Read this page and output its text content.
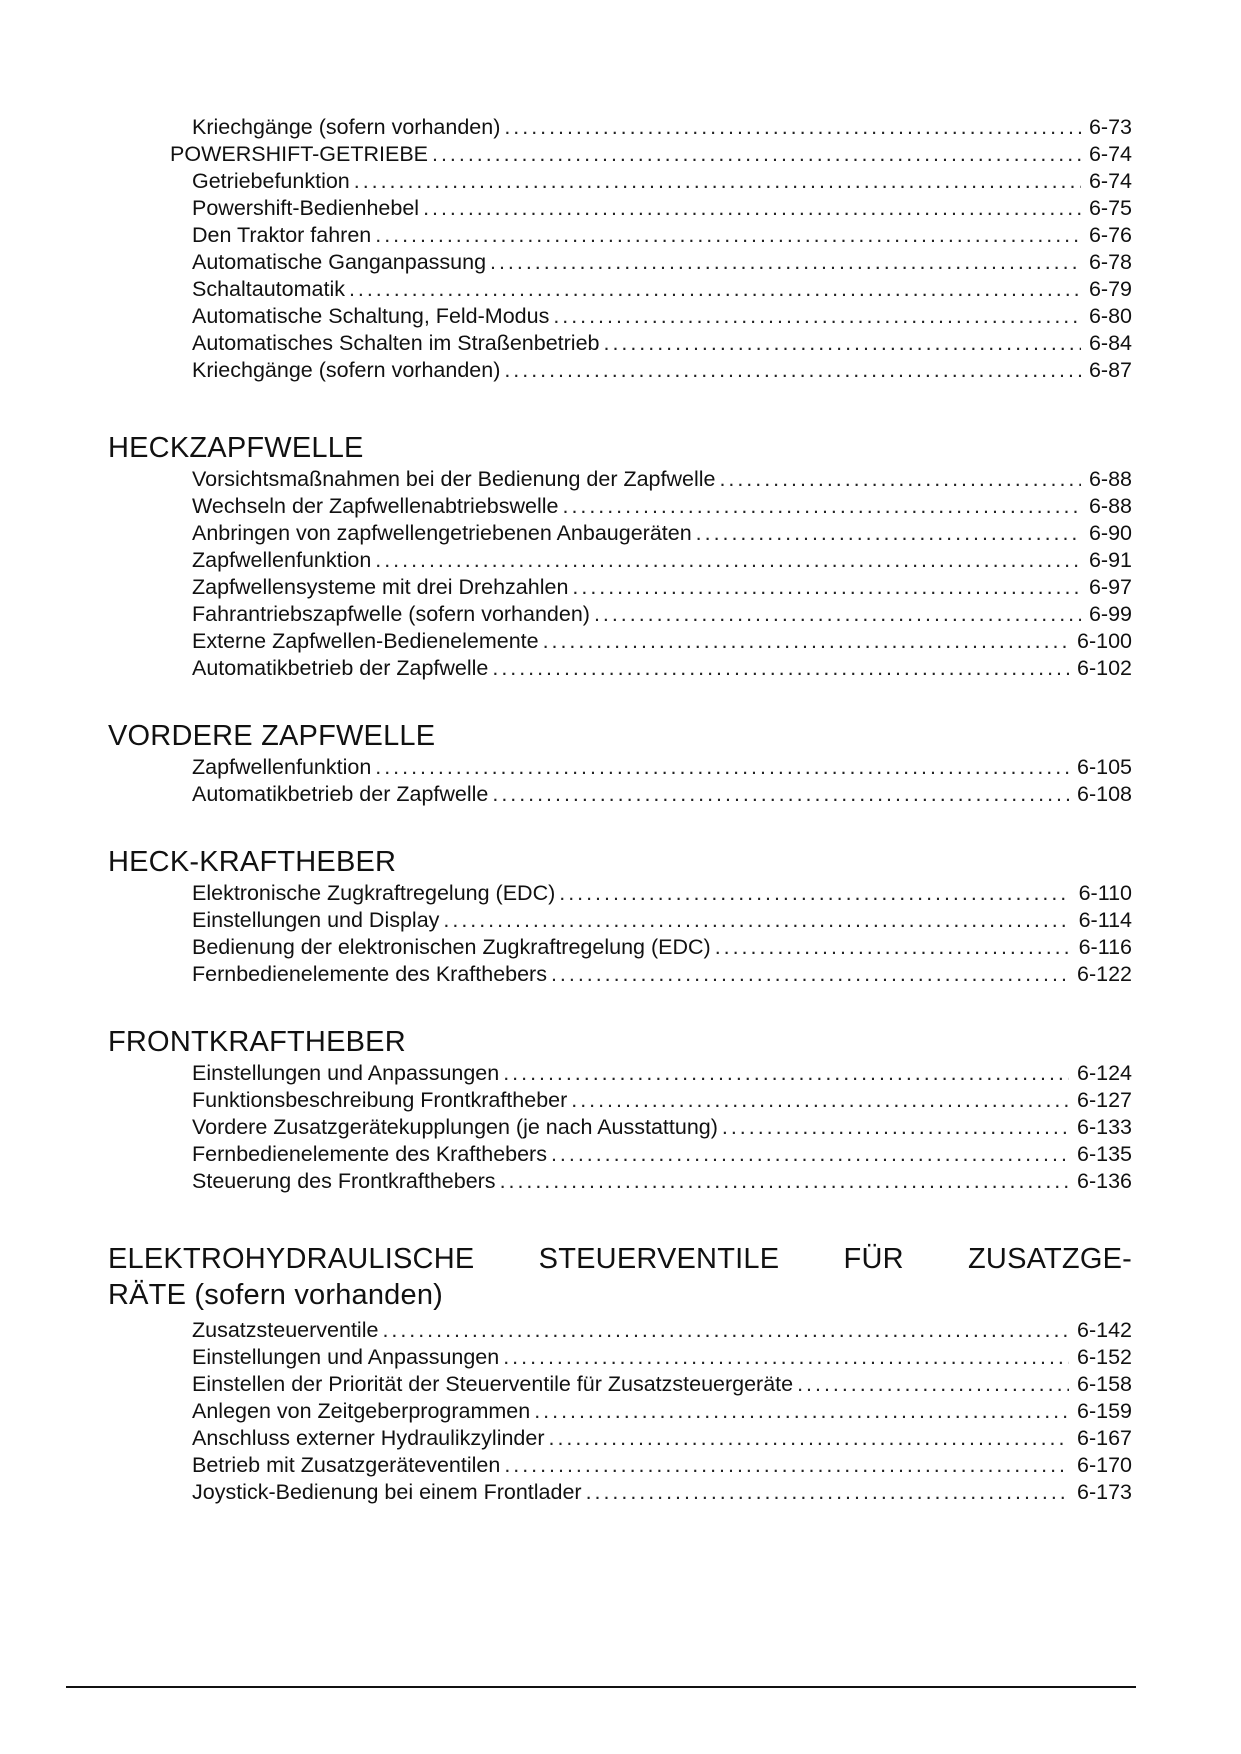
Kriechgänge (sofern vorhanden) . . .	6-73
POWERSHIFT-GETRIEBE . . .	6-74
Getriebefunktion . . .	6-74
Powershift-Bedienhebel . . .	6-75
Den Traktor fahren . . .	6-76
Automatische Ganganpassung . . .	6-78
Schaltautomatik . . .	6-79
Automatische Schaltung, Feld-Modus . . .	6-80
Automatisches Schalten im Straßenbetrieb . . .	6-84
Kriechgänge (sofern vorhanden) . . .	6-87
HECKZAPFWELLE
Vorsichtsmaßnahmen bei der Bedienung der Zapfwelle . . .	6-88
Wechseln der Zapfwellenabtriebswelle . . .	6-88
Anbringen von zapfwellengetriebenen Anbaugeräten . . .	6-90
Zapfwellenfunktion . . .	6-91
Zapfwellensysteme mit drei Drehzahlen . . .	6-97
Fahrantriebszapfwelle (sofern vorhanden) . . .	6-99
Externe Zapfwellen-Bedienelemente . . .	6-100
Automatikbetrieb der Zapfwelle . . .	6-102
VORDERE ZAPFWELLE
Zapfwellenfunktion . . .	6-105
Automatikbetrieb der Zapfwelle . . .	6-108
HECK-KRAFTHEBER
Elektronische Zugkraftregelung (EDC) . . .	6-110
Einstellungen und Display . . .	6-114
Bedienung der elektronischen Zugkraftregelung (EDC) . . .	6-116
Fernbedienelemente des Krafthebers . . .	6-122
FRONTKRAFTHEBER
Einstellungen und Anpassungen . . .	6-124
Funktionsbeschreibung Frontkraftheber . . .	6-127
Vordere Zusatzgerätekupplungen (je nach Ausstattung) . . .	6-133
Fernbedienelemente des Krafthebers . . .	6-135
Steuerung des Frontkrafthebers . . .	6-136
ELEKTROHYDRAULISCHE STEUERVENTILE FÜR ZUSATZGE-
RÄTE (sofern vorhanden)
Zusatzsteuerventile . . .	6-142
Einstellungen und Anpassungen . . .	6-152
Einstellen der Priorität der Steuerventile für Zusatzsteuergeräte . . .	6-158
Anlegen von Zeitgeberprogrammen . . .	6-159
Anschluss externer Hydraulikzylinder . . .	6-167
Betrieb mit Zusatzgeräteventilen . . .	6-170
Joystick-Bedienung bei einem Frontlader . . .	6-173
